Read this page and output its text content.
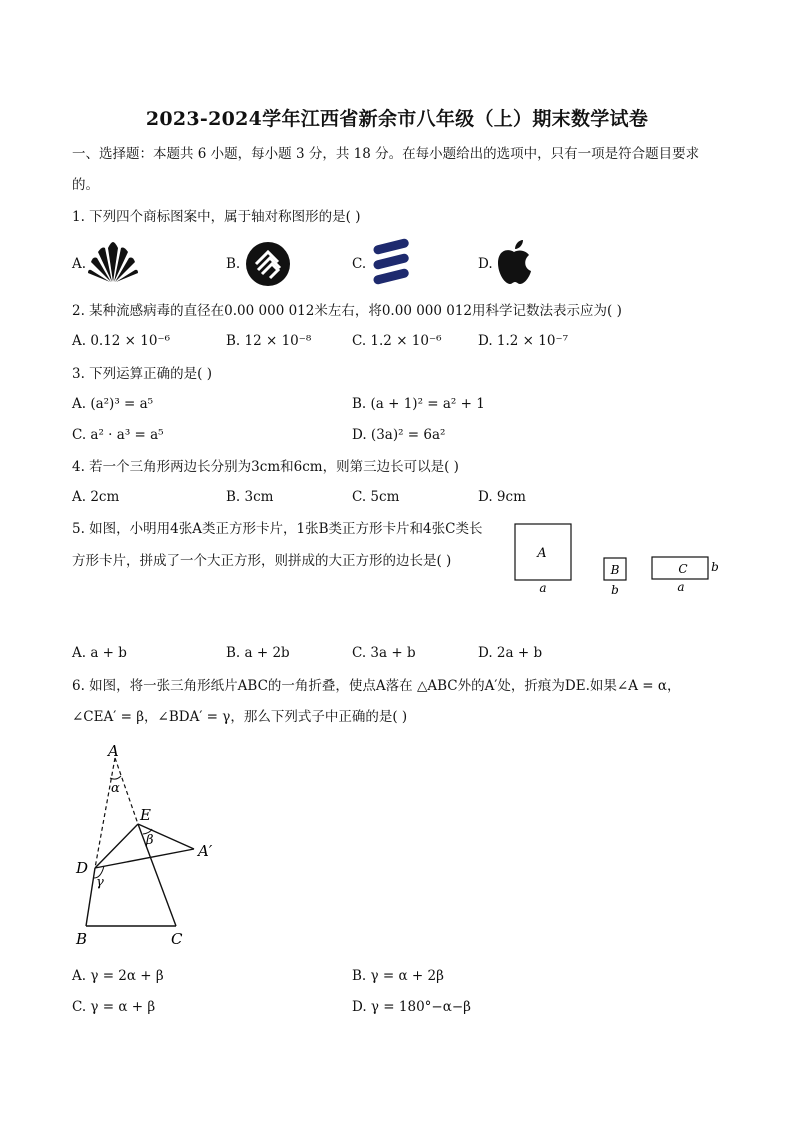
2023-2024学年江西省新余市八年级（上）期末数学试卷
一、选择题：本题共 6 小题，每小题 3 分，共 18 分。在每小题给出的选项中，只有一项是符合题目要求
的。
1. 下列四个商标图案中，属于轴对称图形的是( )
A.	B.	C.	D.
2. 某种流感病毒的直径在0.00 000 012米左右，将0.00 000 012用科学记数法表示应为( )
A. 0.12 × 10⁻⁶	B. 12 × 10⁻⁸	C. 1.2 × 10⁻⁶	D. 1.2 × 10⁻⁷
3. 下列运算正确的是( )
A. (a²)³ = a⁵	B. (a + 1)² = a² + 1
C. a² · a³ = a⁵	D. (3a)² = 6a²
4. 若一个三角形两边长分别为3cm和6cm，则第三边长可以是( )
A. 2cm	B. 3cm	C. 5cm	D. 9cm
5. 如图，小明用4张A类正方形卡片，1张B类正方形卡片和4张C类长
方形卡片，拼成了一个大正方形，则拼成的大正方形的边长是( )	A
a
B
b
C b
a
A. a + b	B. a + 2b	C. 3a + b	D. 2a + b
6. 如图，将一张三角形纸片ABC的一角折叠，使点A落在 △ABC外的A′处，折痕为DE.如果∠A = α，
∠CEA′ = β，∠BDA′ = γ，那么下列式子中正确的是( )
A
α
E
β
A′
D
γ
B	C
A. γ = 2α + β	B. γ = α + 2β
C. γ = α + β	D. γ = 180°−α−β
